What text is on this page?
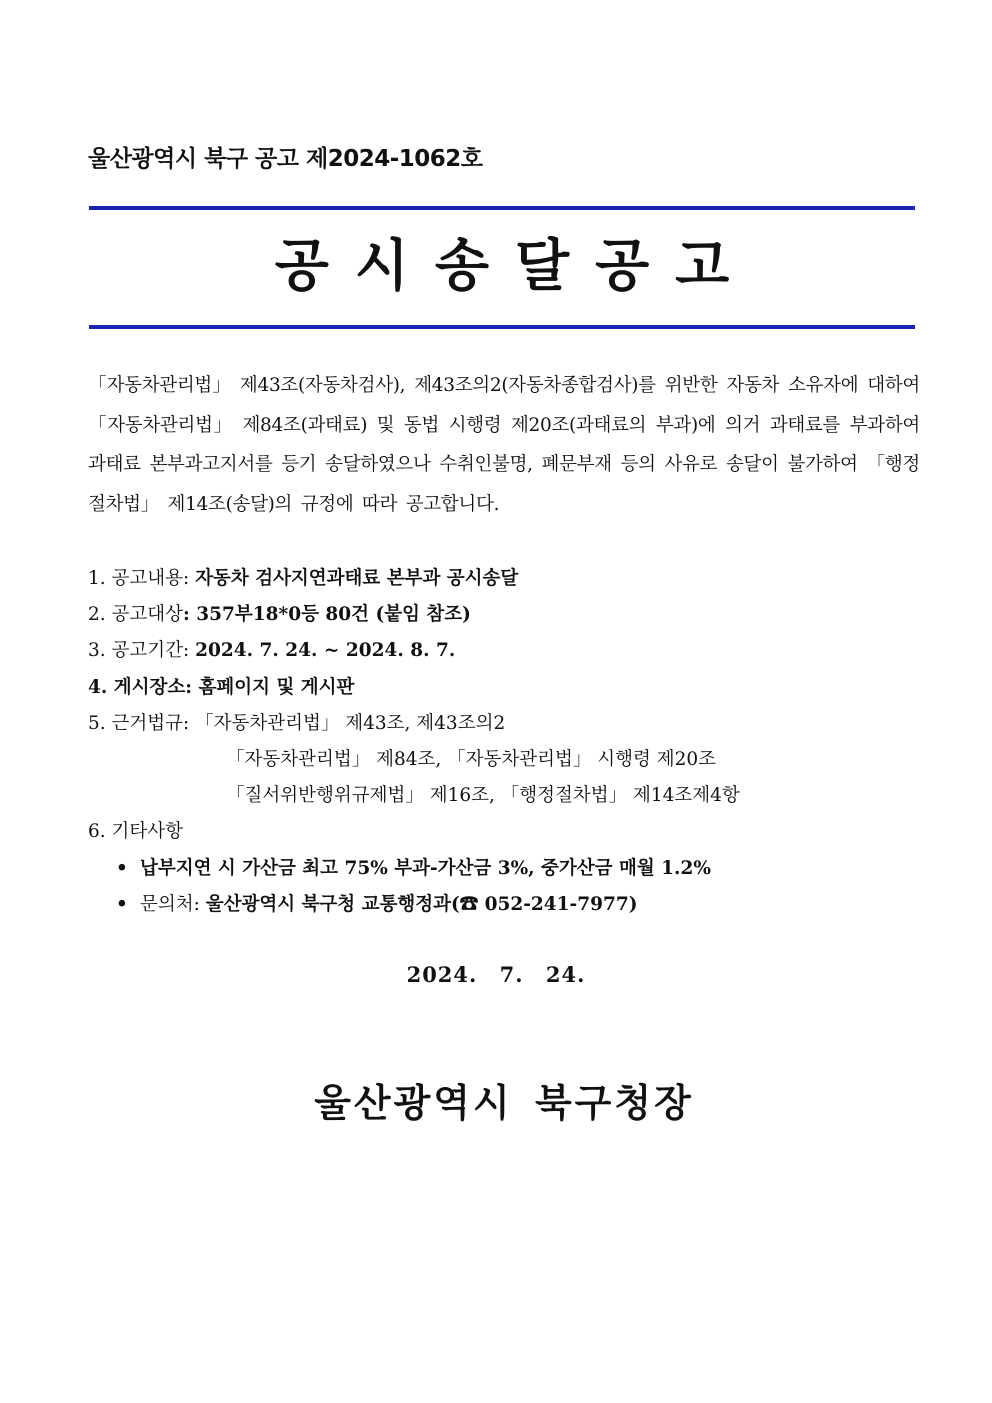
울산광역시 북구 공고 제2024-1062호
공시송달공고
「자동차관리법」 제43조(자동차검사), 제43조의2(자동차종합검사)를 위반한 자동차 소유자에 대하여 「자동차관리법」 제84조(과태료) 및 동법 시행령 제20조(과태료의 부과)에 의거 과태료를 부과하여 과태료 본부과고지서를 등기 송달하였으나 수취인불명, 폐문부재 등의 사유로 송달이 불가하여 「행정절차법」 제14조(송달)의 규정에 따라 공고합니다.
1. 공고내용: 자동차 검사지연과태료 본부과 공시송달
2. 공고대상: 357부18*0등 80건 (붙임 참조)
3. 공고기간: 2024. 7. 24. ~ 2024. 8. 7.
4. 게시장소: 홈페이지 및 게시판
5. 근거법규: 「자동차관리법」 제43조, 제43조의2
「자동차관리법」 제84조, 「자동차관리법」 시행령 제20조
「질서위반행위규제법」 제16조, 「행정절차법」 제14조제4항
6. 기타사항
• 납부지연 시 가산금 최고 75% 부과-가산금 3%, 중가산금 매월 1.2%
• 문의처: 울산광역시 북구청 교통행정과(☎ 052-241-7977)
2024. 7. 24.
울산광역시 북구청장
